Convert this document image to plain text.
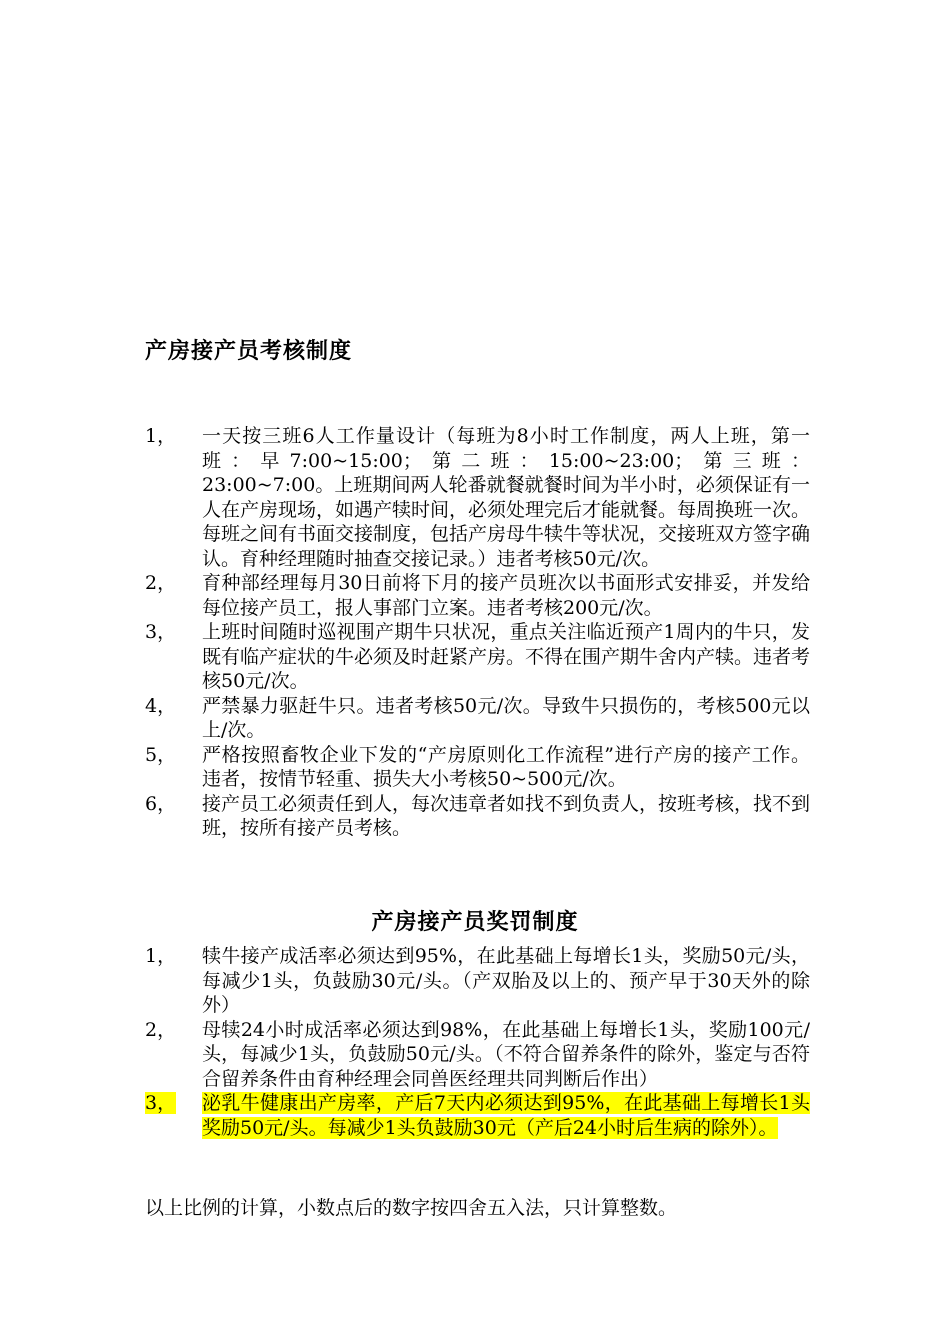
产房接产员考核制度
1，	一天按三班6人工作量设计（每班为8小时工作制度，两人上班，第一班：早7:00~15:00；第二班：15:00~23:00；第三班：23:00~7:00。上班期间两人轮番就餐就餐时间为半小时，必须保证有一人在产房现场，如遇产犊时间，必须处理完后才能就餐。每周换班一次。每班之间有书面交接制度，包括产房母牛犊牛等状况，交接班双方签字确认。育种经理随时抽查交接记录。）违者考核50元/次。
2，	育种部经理每月30日前将下月的接产员班次以书面形式安排妥，并发给每位接产员工，报人事部门立案。违者考核200元/次。
3，	上班时间随时巡视围产期牛只状况，重点关注临近预产1周内的牛只，发既有临产症状的牛必须及时赶紧产房。不得在围产期牛舍内产犊。违者考核50元/次。
4，	严禁暴力驱赶牛只。违者考核50元/次。导致牛只损伤的，考核500元以上/次。
5，	严格按照畜牧企业下发的“产房原则化工作流程”进行产房的接产工作。违者，按情节轻重、损失大小考核50~500元/次。
6，	接产员工必须责任到人，每次违章者如找不到负责人，按班考核，找不到班，按所有接产员考核。
产房接产员奖罚制度
1，	犊牛接产成活率必须达到95%，在此基础上每增长1头，奖励50元/头，每减少1头，负鼓励30元/头。（产双胎及以上的、预产早于30天外的除外）
2，	母犊24小时成活率必须达到98%，在此基础上每增长1头，奖励100元/头，每减少1头，负鼓励50元/头。（不符合留养条件的除外，鉴定与否符合留养条件由育种经理会同兽医经理共同判断后作出）
3，	泌乳牛健康出产房率，产后7天内必须达到95%，在此基础上每增长1头奖励50元/头。每减少1头负鼓励30元（产后24小时后生病的除外）。
以上比例的计算，小数点后的数字按四舍五入法，只计算整数。
